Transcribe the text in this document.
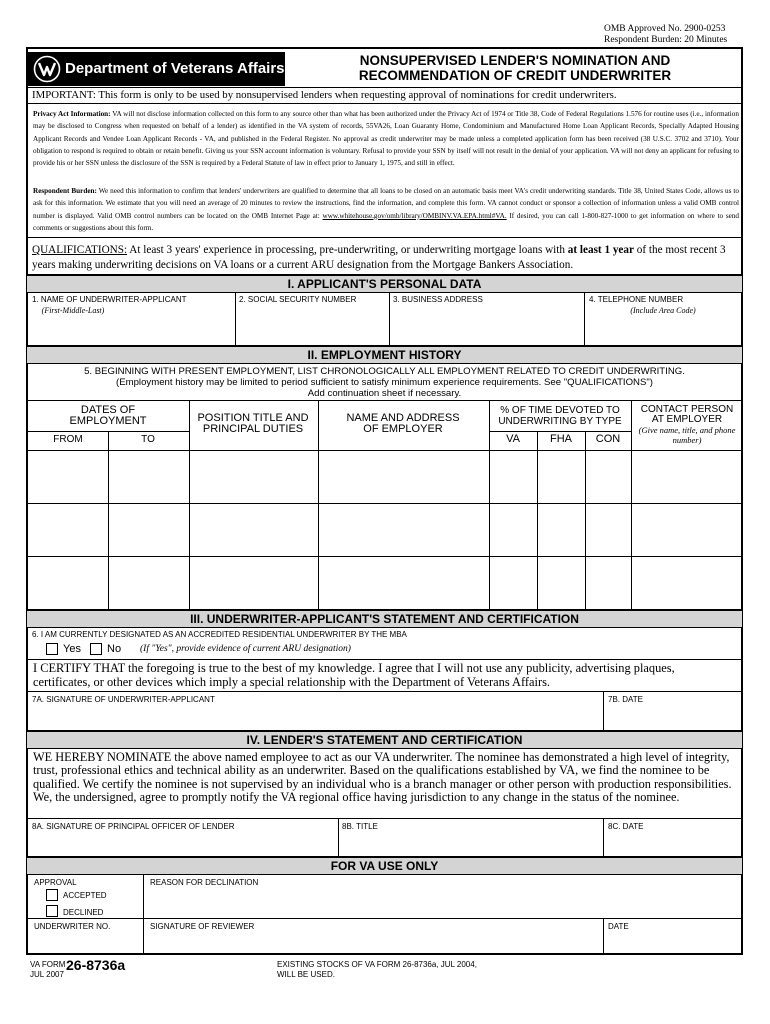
OMB Approved No. 2900-0253
Respondent Burden: 20 Minutes
Department of Veterans Affairs	NONSUPERVISED LENDER'S NOMINATION AND
RECOMMENDATION OF CREDIT UNDERWRITER
IMPORTANT: This form is only to be used by nonsupervised lenders when requesting approval of nominations for credit underwriters.
Privacy Act Information: VA will not disclose information collected on this form to any source other than what has been authorized under the Privacy Act of 1974 or Title 38, Code of Federal Regulations 1.576 for routine uses (i.e., information may be disclosed to Congress when requested on behalf of a lender) as identified in the VA system of records, 55VA26, Loan Guaranty Home, Condominium and Manufactured Home Loan Applicant Records, Specially Adapted Housing Applicant Records and Vendee Loan Applicant Records - VA, and published in the Federal Register. No approval as credit underwriter may be made unless a completed application form has been received (38 U.S.C. 3702 and 3710). Your obligation to respond is required to obtain or retain benefit. Giving us your SSN account information is voluntary. Refusal to provide your SSN by itself will not result in the denial of your application. VA will not deny an applicant for refusing to provide his or her SSN unless the disclosure of the SSN is required by a Federal Statute of law in effect prior to January 1, 1975, and still in effect.
Respondent Burden: We need this information to confirm that lenders' underwriters are qualified to determine that all loans to be closed on an automatic basis meet VA's credit underwriting standards. Title 38, United States Code, allows us to ask for this information. We estimate that you will need an average of 20 minutes to review the instructions, find the information, and complete this form. VA cannot conduct or sponsor a collection of information unless a valid OMB control number is displayed. Valid OMB control numbers can be located on the OMB Internet Page at: www.whitehouse.gov/omb/library/OMBINV.VA.EPA.html#VA. If desired, you can call 1-800-827-1000 to get information on where to send comments or suggestions about this form.
QUALIFICATIONS: At least 3 years' experience in processing, pre-underwriting, or underwriting mortgage loans with at least 1 year of the most recent 3 years making underwriting decisions on VA loans or a current ARU designation from the Mortgage Bankers Association.
I. APPLICANT'S PERSONAL DATA
1. NAME OF UNDERWRITER-APPLICANT
(First-Middle-Last)
2. SOCIAL SECURITY NUMBER	3. BUSINESS ADDRESS	4. TELEPHONE NUMBER
(Include Area Code)
II. EMPLOYMENT HISTORY
5. BEGINNING WITH PRESENT EMPLOYMENT, LIST CHRONOLOGICALLY ALL EMPLOYMENT RELATED TO CREDIT UNDERWRITING.
(Employment history may be limited to period sufficient to satisfy minimum experience requirements. See "QUALIFICATIONS")
Add continuation sheet if necessary.
DATES OF
EMPLOYMENT
FROM	TO
POSITION TITLE AND
PRINCIPAL DUTIES
NAME AND ADDRESS
OF EMPLOYER
% OF TIME DEVOTED TO
UNDERWRITING BY TYPE
VA	FHA	CON
CONTACT PERSON
AT EMPLOYER
(Give name, title, and phone number)
III. UNDERWRITER-APPLICANT'S STATEMENT AND CERTIFICATION
6. I AM CURRENTLY DESIGNATED AS AN ACCREDITED RESIDENTIAL UNDERWRITER BY THE MBA
Yes No (If "Yes", provide evidence of current ARU designation)
I CERTIFY THAT the foregoing is true to the best of my knowledge. I agree that I will not use any publicity, advertising plaques, certificates, or other devices which imply a special relationship with the Department of Veterans Affairs.
7A. SIGNATURE OF UNDERWRITER-APPLICANT	7B. DATE
IV. LENDER'S STATEMENT AND CERTIFICATION
WE HEREBY NOMINATE the above named employee to act as our VA underwriter. The nominee has demonstrated a high level of integrity, trust, professional ethics and technical ability as an underwriter. Based on the qualifications established by VA, we find the nominee to be qualified. We certify the nominee is not supervised by an individual who is a branch manager or other person with production responsibilities. We, the undersigned, agree to promptly notify the VA regional office having jurisdiction to any change in the status of the nominee.
8A. SIGNATURE OF PRINCIPAL OFFICER OF LENDER	8B. TITLE	8C. DATE
FOR VA USE ONLY
APPROVAL
ACCEPTED
DECLINED
REASON FOR DECLINATION
UNDERWRITER NO.	SIGNATURE OF REVIEWER	DATE
VA FORM
JUL 2007
26-8736a	EXISTING STOCKS OF VA FORM 26-8736a, JUL 2004,
WILL BE USED.
